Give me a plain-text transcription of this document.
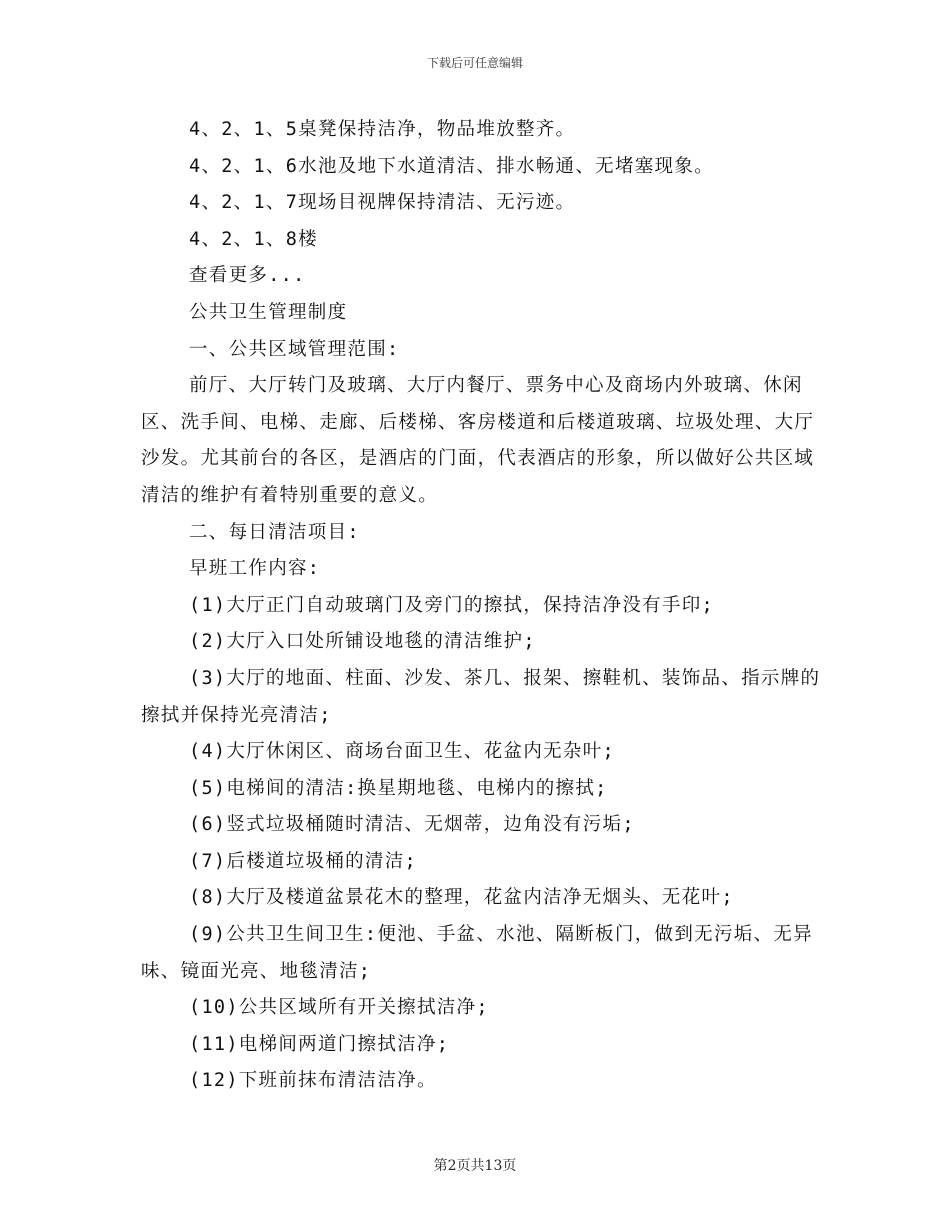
下载后可任意编辑

4、2、1、5桌凳保持洁净，物品堆放整齐。

4、2、1、6水池及地下水道清洁、排水畅通、无堵塞现象。

4、2、1、7现场目视牌保持清洁、无污迹。

4、2、1、8楼

查看更多...

公共卫生管理制度

一、公共区域管理范围:

前厅、大厅转门及玻璃、大厅内餐厅、票务中心及商场内外玻璃、休闲区、洗手间、电梯、走廊、后楼梯、客房楼道和后楼道玻璃、垃圾处理、大厅沙发。尤其前台的各区，是酒店的门面，代表酒店的形象，所以做好公共区域清洁的维护有着特别重要的意义。

二、每日清洁项目:

早班工作内容:

(1)大厅正门自动玻璃门及旁门的擦拭，保持洁净没有手印;

(2)大厅入口处所铺设地毯的清洁维护;

(3)大厅的地面、柱面、沙发、茶几、报架、擦鞋机、装饰品、指示牌的擦拭并保持光亮清洁;

(4)大厅休闲区、商场台面卫生、花盆内无杂叶;

(5)电梯间的清洁:换星期地毯、电梯内的擦拭;

(6)竖式垃圾桶随时清洁、无烟蒂，边角没有污垢;

(7)后楼道垃圾桶的清洁;

(8)大厅及楼道盆景花木的整理，花盆内洁净无烟头、无花叶;

(9)公共卫生间卫生:便池、手盆、水池、隔断板门，做到无污垢、无异味、镜面光亮、地毯清洁;

(10)公共区域所有开关擦拭洁净;

(11)电梯间两道门擦拭洁净;

(12)下班前抹布清洁洁净。

第2页共13页
